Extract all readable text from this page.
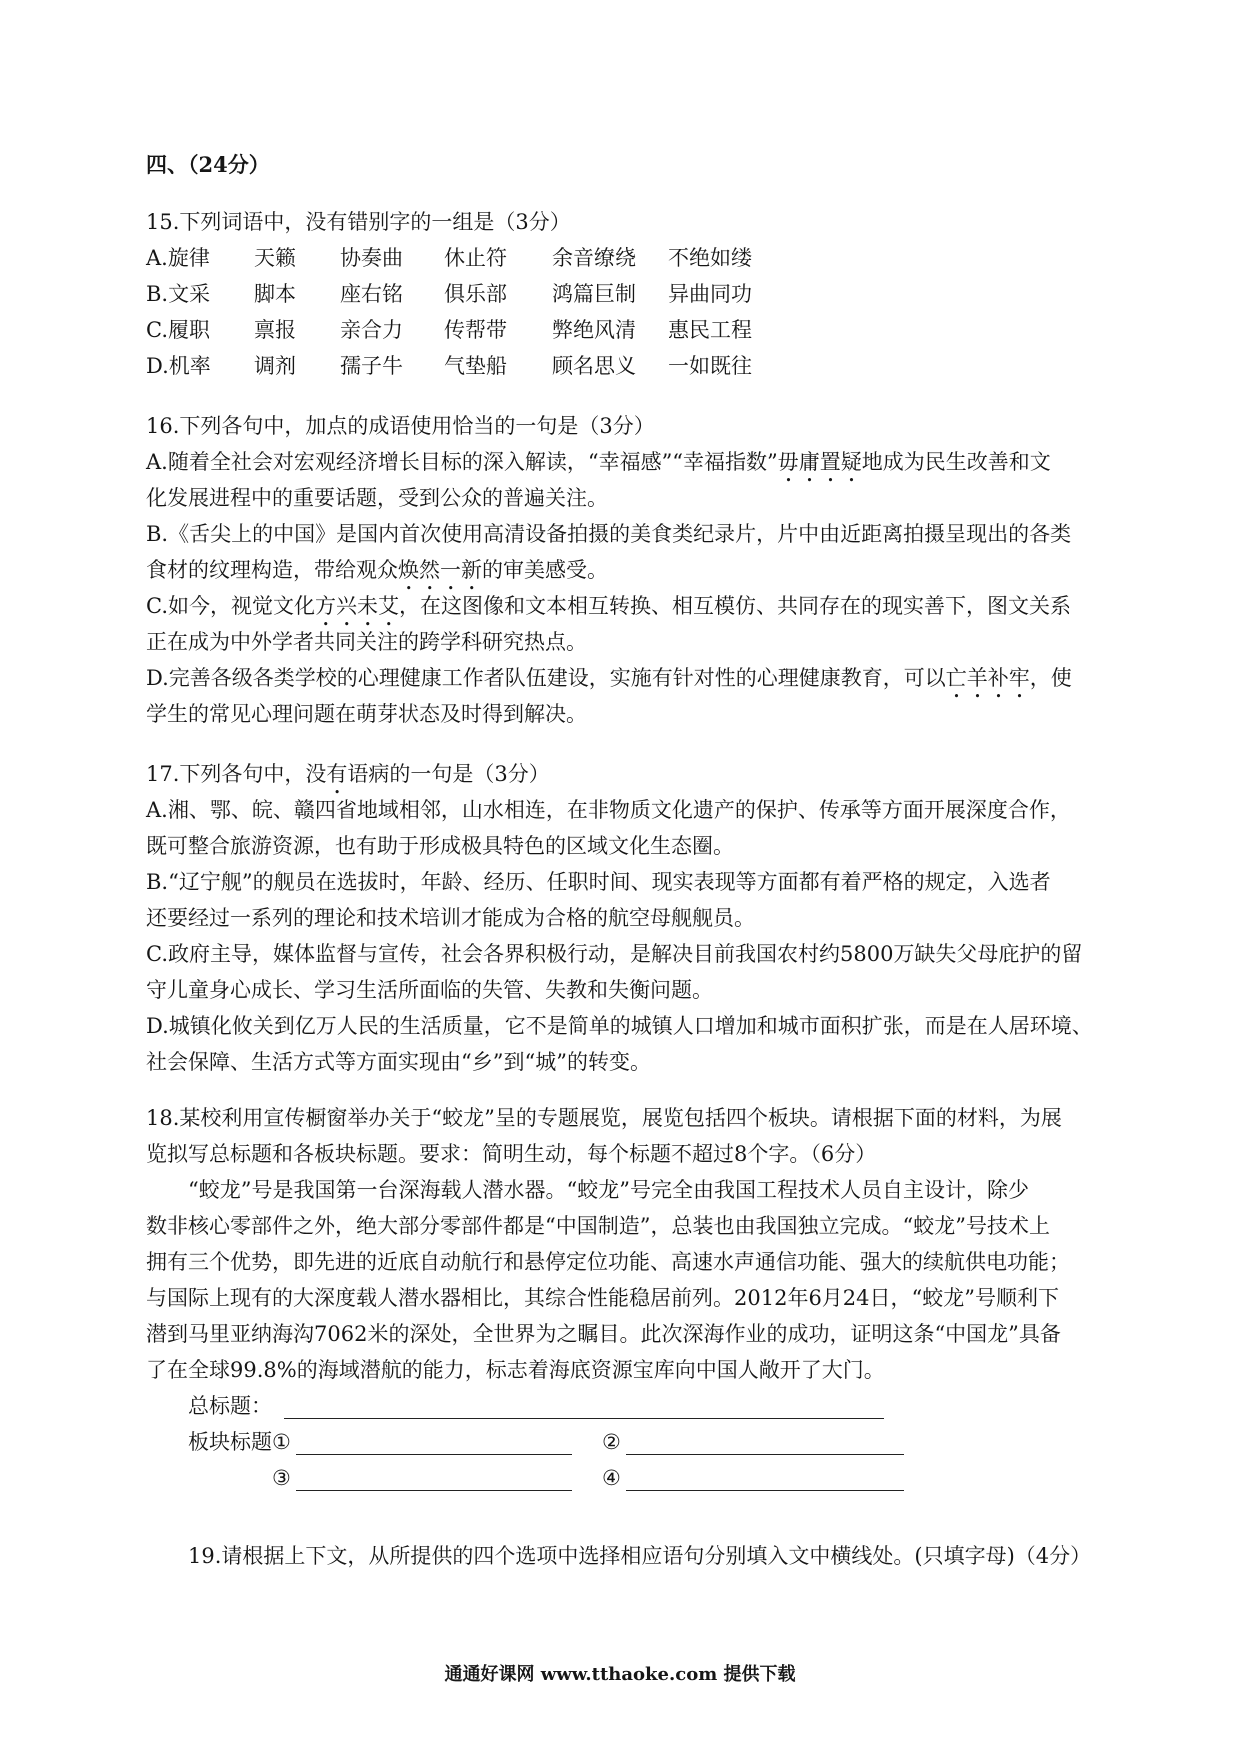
四、（24分）
15.下列词语中，没有错别字的一组是（3分）
A.旋律 天籁 协奏曲 休止符 余音缭绕 不绝如缕
B.文采 脚本 座右铭 俱乐部 鸿篇巨制 异曲同功
C.履职 禀报 亲合力 传帮带 弊绝风清 惠民工程
D.机率 调剂 孺子牛 气垫船 顾名思义 一如既往
16.下列各句中，加点的成语使用恰当的一句是（3分）
A.随着全社会对宏观经济增长目标的深入解读，“幸福感”“幸福指数”毋庸置疑地成为民生改善和文
化发展进程中的重要话题，受到公众的普遍关注。
B.《舌尖上的中国》是国内首次使用高清设备拍摄的美食类纪录片，片中由近距离拍摄呈现出的各类
食材的纹理构造，带给观众焕然一新的审美感受。
C.如今，视觉文化方兴未艾，在这图像和文本相互转换、相互模仿、共同存在的现实善下，图文关系
正在成为中外学者共同关注的跨学科研究热点。
D.完善各级各类学校的心理健康工作者队伍建设，实施有针对性的心理健康教育，可以亡羊补牢，使
学生的常见心理问题在萌芽状态及时得到解决。
17.下列各句中，没有语病的一句是（3分）
A.湘、鄂、皖、赣四省地域相邻，山水相连，在非物质文化遗产的保护、传承等方面开展深度合作，
既可整合旅游资源，也有助于形成极具特色的区域文化生态圈。
B.“辽宁舰”的舰员在选拔时，年龄、经历、任职时间、现实表现等方面都有着严格的规定，入选者
还要经过一系列的理论和技术培训才能成为合格的航空母舰舰员。
C.政府主导，媒体监督与宣传，社会各界积极行动，是解决目前我国农村约5800万缺失父母庇护的留
守儿童身心成长、学习生活所面临的失管、失教和失衡问题。
D.城镇化攸关到亿万人民的生活质量，它不是简单的城镇人口增加和城市面积扩张，而是在人居环境、
社会保障、生活方式等方面实现由“乡”到“城”的转变。
18.某校利用宣传橱窗举办关于“蛟龙”呈的专题展览，展览包括四个板块。请根据下面的材料，为展
览拟写总标题和各板块标题。要求：简明生动，每个标题不超过8个字。（6分）
“蛟龙”号是我国第一台深海载人潜水器。“蛟龙”号完全由我国工程技术人员自主设计，除少
数非核心零部件之外，绝大部分零部件都是“中国制造”，总装也由我国独立完成。“蛟龙”号技术上
拥有三个优势，即先进的近底自动航行和悬停定位功能、高速水声通信功能、强大的续航供电功能；
与国际上现有的大深度载人潜水器相比，其综合性能稳居前列。2012年6月24日，“蛟龙”号顺利下
潜到马里亚纳海沟7062米的深处，全世界为之瞩目。此次深海作业的成功，证明这条“中国龙”具备
了在全球99.8%的海域潜航的能力，标志着海底资源宝库向中国人敞开了大门。
总标题：
板块标题 ①	②
③	④
19.请根据上下文，从所提供的四个选项中选择相应语句分别填入文中横线处。(只填字母)（4分）
通通好课网 www.tthaoke.com 提供下载
